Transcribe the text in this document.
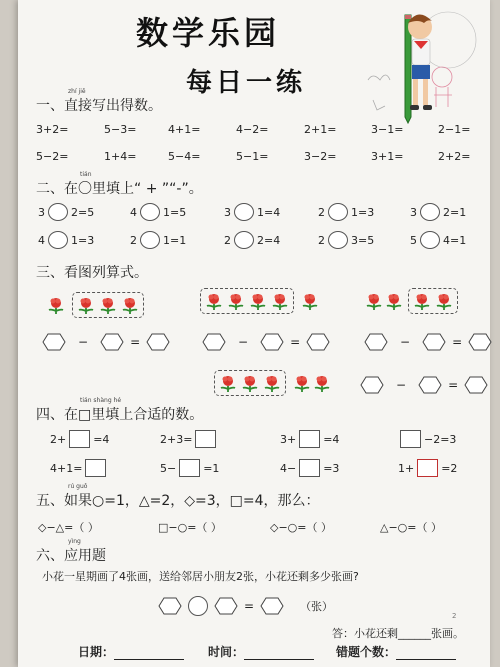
数学乐园
每日一练
zhí jiē
一、直接写出得数。
3+2=	5−3=	4+1=	4−2=	2+1=	3−1=	2−1=
5−2=	1+4=	5−4=	5−1=	3−2=	3+1=	2+2=
tián
二、在〇里填上“ + ”“-”。
3 2=5	4 1=5	3 1=4	2 1=3	3 2=1
4 1=3	2 1=1	2 2=4	2 3=5	5 4=1
三、看图列算式。
−	=	−	=	−	=
−	=
tián shàng hé
四、在□里填上合适的数。
2+ =4	2+3=	3+ =4	−2=3
4+1=	5− =1	4− =3	1+ =2
rú guǒ
五、如果○=1，△=2，◇=3，□=4，那么：
◇−△=（ ）	□−○=（ ）	◇−○=（ ）	△−○=（ ）
yìng
六、应用题
小花一星期画了4张画，送给邻居小朋友2张，小花还剩多少张画?
=	（张）
答：小花还剩______张画。
2
日期：	时间：	错题个数：
